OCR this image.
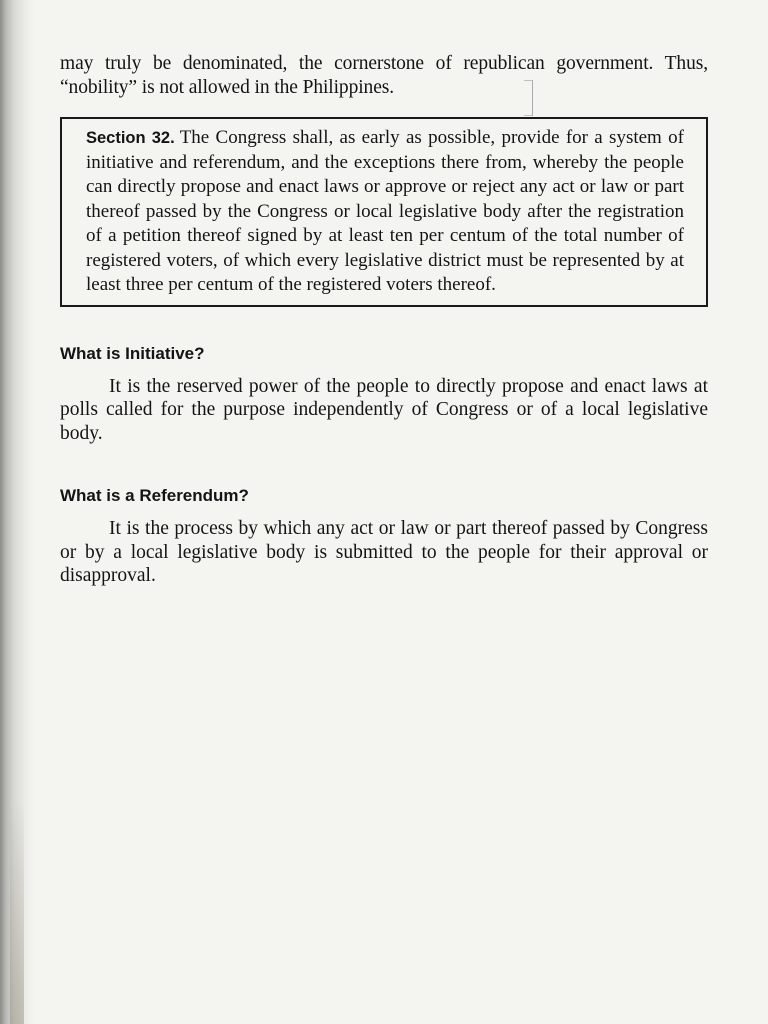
may truly be denominated, the cornerstone of republican government. Thus, “nobility” is not allowed in the Philippines.

Section 32. The Congress shall, as early as possible, provide for a system of initiative and referendum, and the exceptions there from, whereby the people can directly propose and enact laws or approve or reject any act or law or part thereof passed by the Congress or local legislative body after the registration of a petition thereof signed by at least ten per centum of the total number of registered voters, of which every legislative district must be represented by at least three per centum of the registered voters thereof.

What is Initiative?

It is the reserved power of the people to directly propose and enact laws at polls called for the purpose independently of Congress or of a local legislative body.

What is a Referendum?

It is the process by which any act or law or part thereof passed by Congress or by a local legislative body is submitted to the people for their approval or disapproval.
